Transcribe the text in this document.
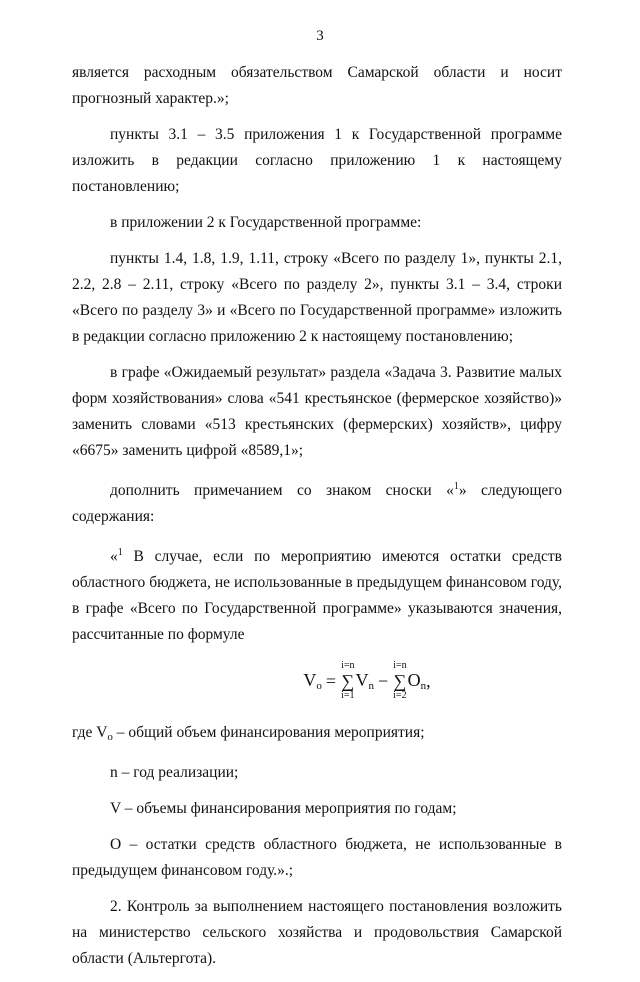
3

является расходным обязательством Самарской области и носит прогнозный характер.»;

пункты 3.1 – 3.5 приложения 1 к Государственной программе изложить в редакции согласно приложению 1 к настоящему постановлению;

в приложении 2 к Государственной программе:

пункты 1.4, 1.8, 1.9, 1.11, строку «Всего по разделу 1», пункты 2.1, 2.2, 2.8 – 2.11, строку «Всего по разделу 2», пункты 3.1 – 3.4, строки «Всего по разделу 3» и «Всего по Государственной программе» изложить в редакции согласно приложению 2 к настоящему постановлению;

в графе «Ожидаемый результат» раздела «Задача 3. Развитие малых форм хозяйствования» слова «541 крестьянское (фермерское хозяйство)» заменить словами «513 крестьянских (фермерских) хозяйств», цифру «6675» заменить цифрой «8589,1»;

дополнить примечанием со знаком сноски «$^1$» следующего содержания:

«$^1$ В случае, если по мероприятию имеются остатки средств областного бюджета, не использованные в предыдущем финансовом году, в графе «Всего по Государственной программе» указываются значения, рассчитанные по формуле

$V_o$ =
i=n
∑
i=1
$V_n$ −
i=n
∑
i=2
$O_n$ ,

где $V_o$ – общий объем финансирования мероприятия;

n – год реализации;

V – объемы финансирования мероприятия по годам;

O – остатки средств областного бюджета, не использованные в предыдущем финансовом году.».;

2. Контроль за выполнением настоящего постановления возложить на министерство сельского хозяйства и продовольствия Самарской области (Альтергота).
